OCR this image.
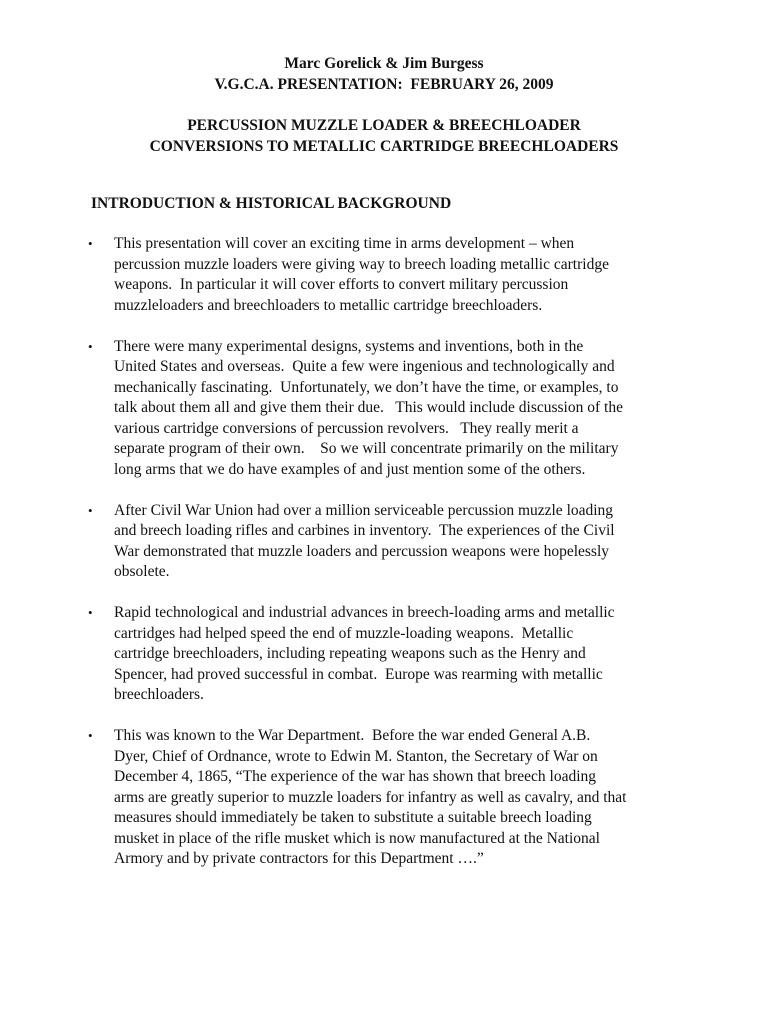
Marc Gorelick & Jim Burgess
V.G.C.A. PRESENTATION:  FEBRUARY 26, 2009
PERCUSSION MUZZLE LOADER & BREECHLOADER
CONVERSIONS TO METALLIC CARTRIDGE BREECHLOADERS
INTRODUCTION & HISTORICAL BACKGROUND
• This presentation will cover an exciting time in arms development – when
percussion muzzle loaders were giving way to breech loading metallic cartridge
weapons.  In particular it will cover efforts to convert military percussion
muzzleloaders and breechloaders to metallic cartridge breechloaders.
• There were many experimental designs, systems and inventions, both in the
United States and overseas.  Quite a few were ingenious and technologically and
mechanically fascinating.  Unfortunately, we don’t have the time, or examples, to
talk about them all and give them their due.   This would include discussion of the
various cartridge conversions of percussion revolvers.   They really merit a
separate program of their own.    So we will concentrate primarily on the military
long arms that we do have examples of and just mention some of the others.
• After Civil War Union had over a million serviceable percussion muzzle loading
and breech loading rifles and carbines in inventory.  The experiences of the Civil
War demonstrated that muzzle loaders and percussion weapons were hopelessly
obsolete.
• Rapid technological and industrial advances in breech-loading arms and metallic
cartridges had helped speed the end of muzzle-loading weapons.  Metallic
cartridge breechloaders, including repeating weapons such as the Henry and
Spencer, had proved successful in combat.  Europe was rearming with metallic
breechloaders.
• This was known to the War Department.  Before the war ended General A.B.
Dyer, Chief of Ordnance, wrote to Edwin M. Stanton, the Secretary of War on
December 4, 1865, “The experience of the war has shown that breech loading
arms are greatly superior to muzzle loaders for infantry as well as cavalry, and that
measures should immediately be taken to substitute a suitable breech loading
musket in place of the rifle musket which is now manufactured at the National
Armory and by private contractors for this Department ….”
